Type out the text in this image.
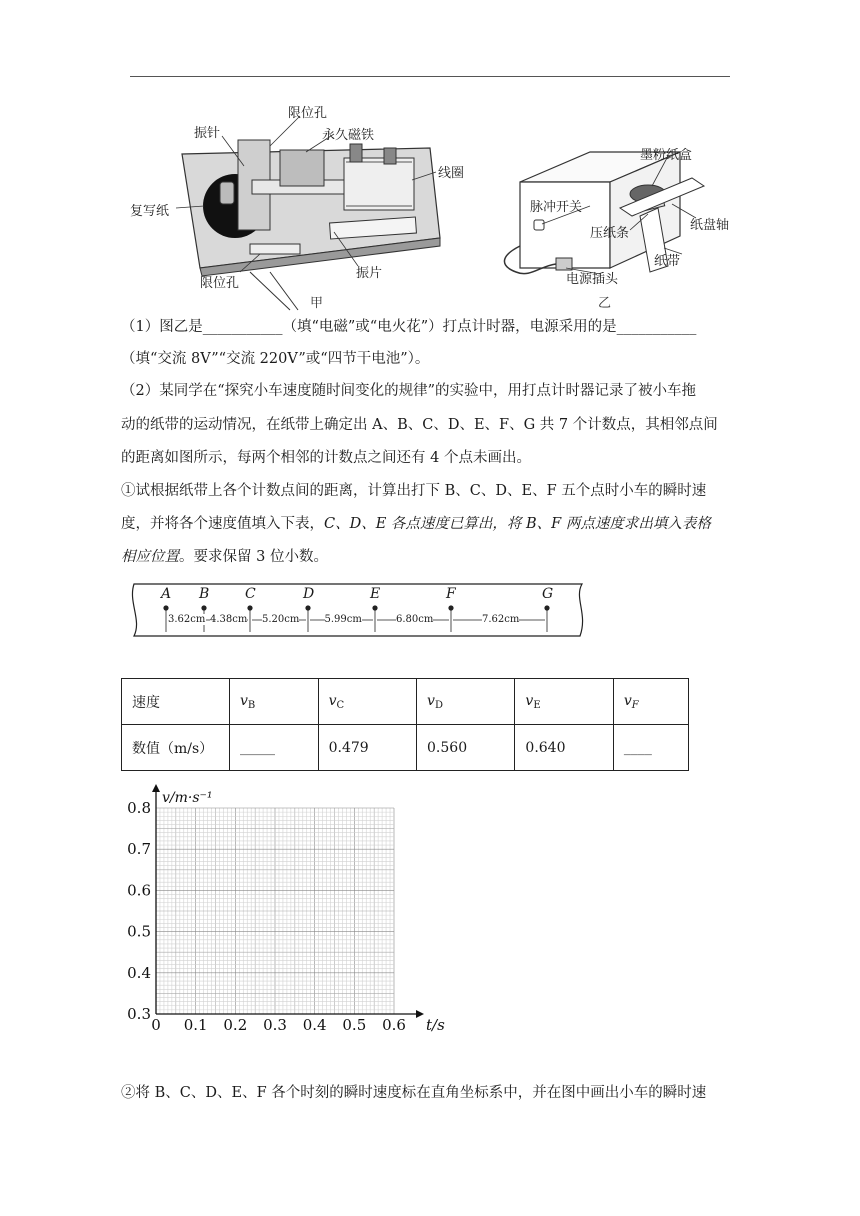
振针
限位孔
永久磁铁
线圈
复写纸
限位孔
振片
甲
墨粉纸盒
脉冲开关
纸盘轴
压纸条
纸带
电源插头
乙
（1）图乙是___________（填“电磁”或“电火花”）打点计时器，电源采用的是___________
（填“交流 8V”“交流 220V”或“四节干电池”）。
（2）某同学在“探究小车速度随时间变化的规律”的实验中，用打点计时器记录了被小车拖
动的纸带的运动情况，在纸带上确定出 A、B、C、D、E、F、G 共 7 个计数点，其相邻点间
的距离如图所示，每两个相邻的计数点之间还有 4 个点未画出。
①试根据纸带上各个计数点间的距离，计算出打下 B、C、D、E、F 五个点时小车的瞬时速
度，并将各个速度值填入下表，C、D、E 各点速度已算出，将 B、F 两点速度求出填入表格
相应位置。要求保留 3 位小数。
A B	C	D	E	F	G
3.62cm 4.38cm 5.20cm	5.99cm	6.80cm	7.62cm
速度	$v_B$	$v_C$	$v_D$	$v_E$	$v_F$
数值（m/s）	_____	0.479	0.560	0.640	____
0 0.1 0.2 0.3 0.4 0.5 0.6
0.3
0.4
0.5
0.6
0.7
0.8
t/s
v/m·s⁻¹
②将 B、C、D、E、F 各个时刻的瞬时速度标在直角坐标系中，并在图中画出小车的瞬时速
